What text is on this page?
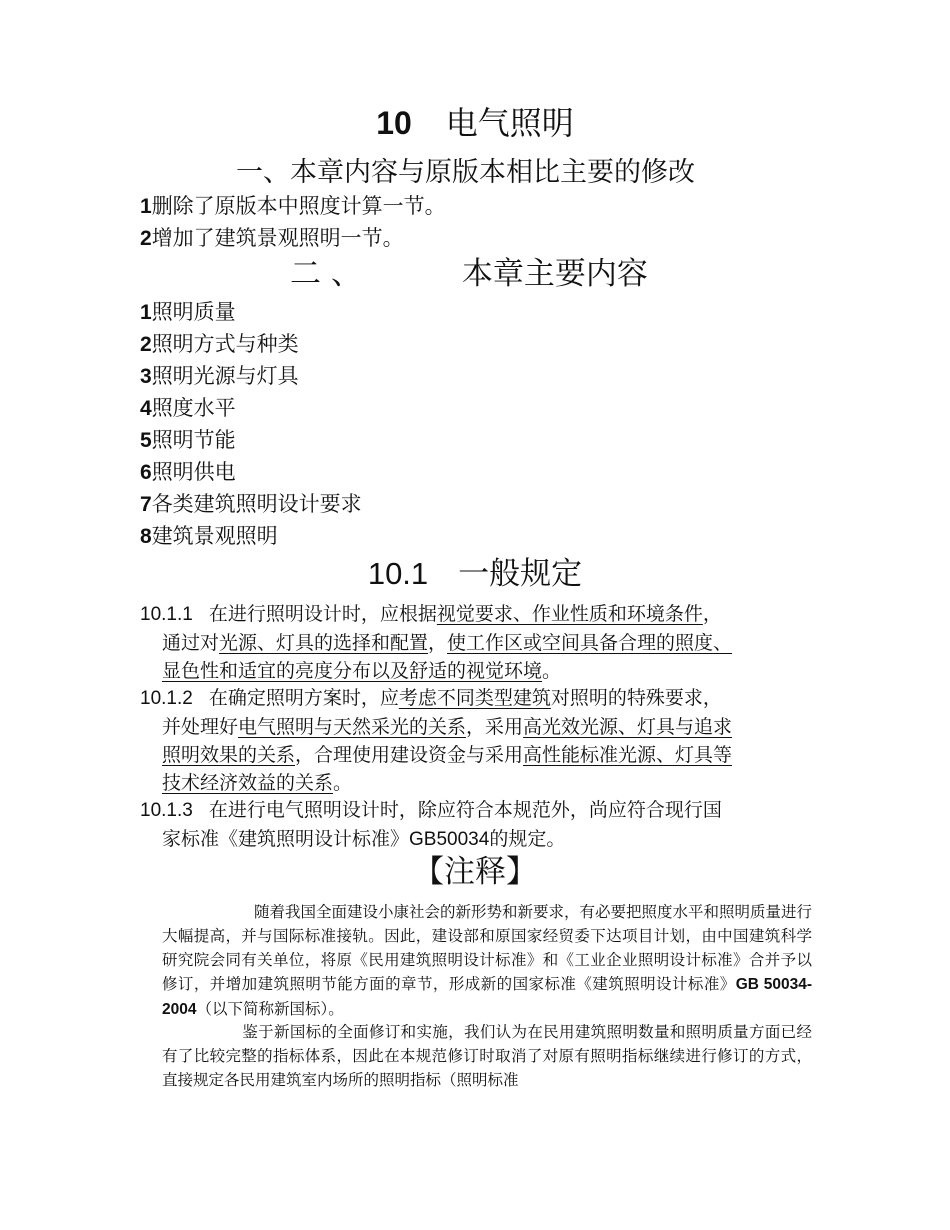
10 电气照明
一、本章内容与原版本相比主要的修改
1删除了原版本中照度计算一节。
2增加了建筑景观照明一节。
二 、	本章主要内容
1照明质量
2照明方式与种类
3照明光源与灯具
4照度水平
5照明节能
6照明供电
7各类建筑照明设计要求
8建筑景观照明
10.1 一般规定
10.1.1 在进行照明设计时，应根据视觉要求、作业性质和环境条件，
通过对光源、灯具的选择和配置，使工作区或空间具备合理的照度、
显色性和适宜的亮度分布以及舒适的视觉环境。
10.1.2 在确定照明方案时，应考虑不同类型建筑对照明的特殊要求，
并处理好电气照明与天然采光的关系，采用高光效光源、灯具与追求
照明效果的关系，合理使用建设资金与采用高性能标准光源、灯具等
技术经济效益的关系。
10.1.3 在进行电气照明设计时，除应符合本规范外，尚应符合现行国
家标准《建筑照明设计标准》GB50034的规定。
【注释】
随着我国全面建设小康社会的新形势和新要求，有必要把照度水平和照明质量进行大幅提高，并与国际标准接轨。因此，建设部和原国家经贸委下达项目计划，由中国建筑科学研究院会同有关单位，将原《民用建筑照明设计标准》和《工业企业照明设计标准》合并予以修订，并增加建筑照明节能方面的章节，形成新的国家标准《建筑照明设计标准》GB 50034-2004（以下简称新国标）。
鉴于新国标的全面修订和实施，我们认为在民用建筑照明数量和照明质量方面已经有了比较完整的指标体系，因此在本规范修订时取消了对原有照明指标继续进行修订的方式，直接规定各民用建筑室内场所的照明指标（照明标准
